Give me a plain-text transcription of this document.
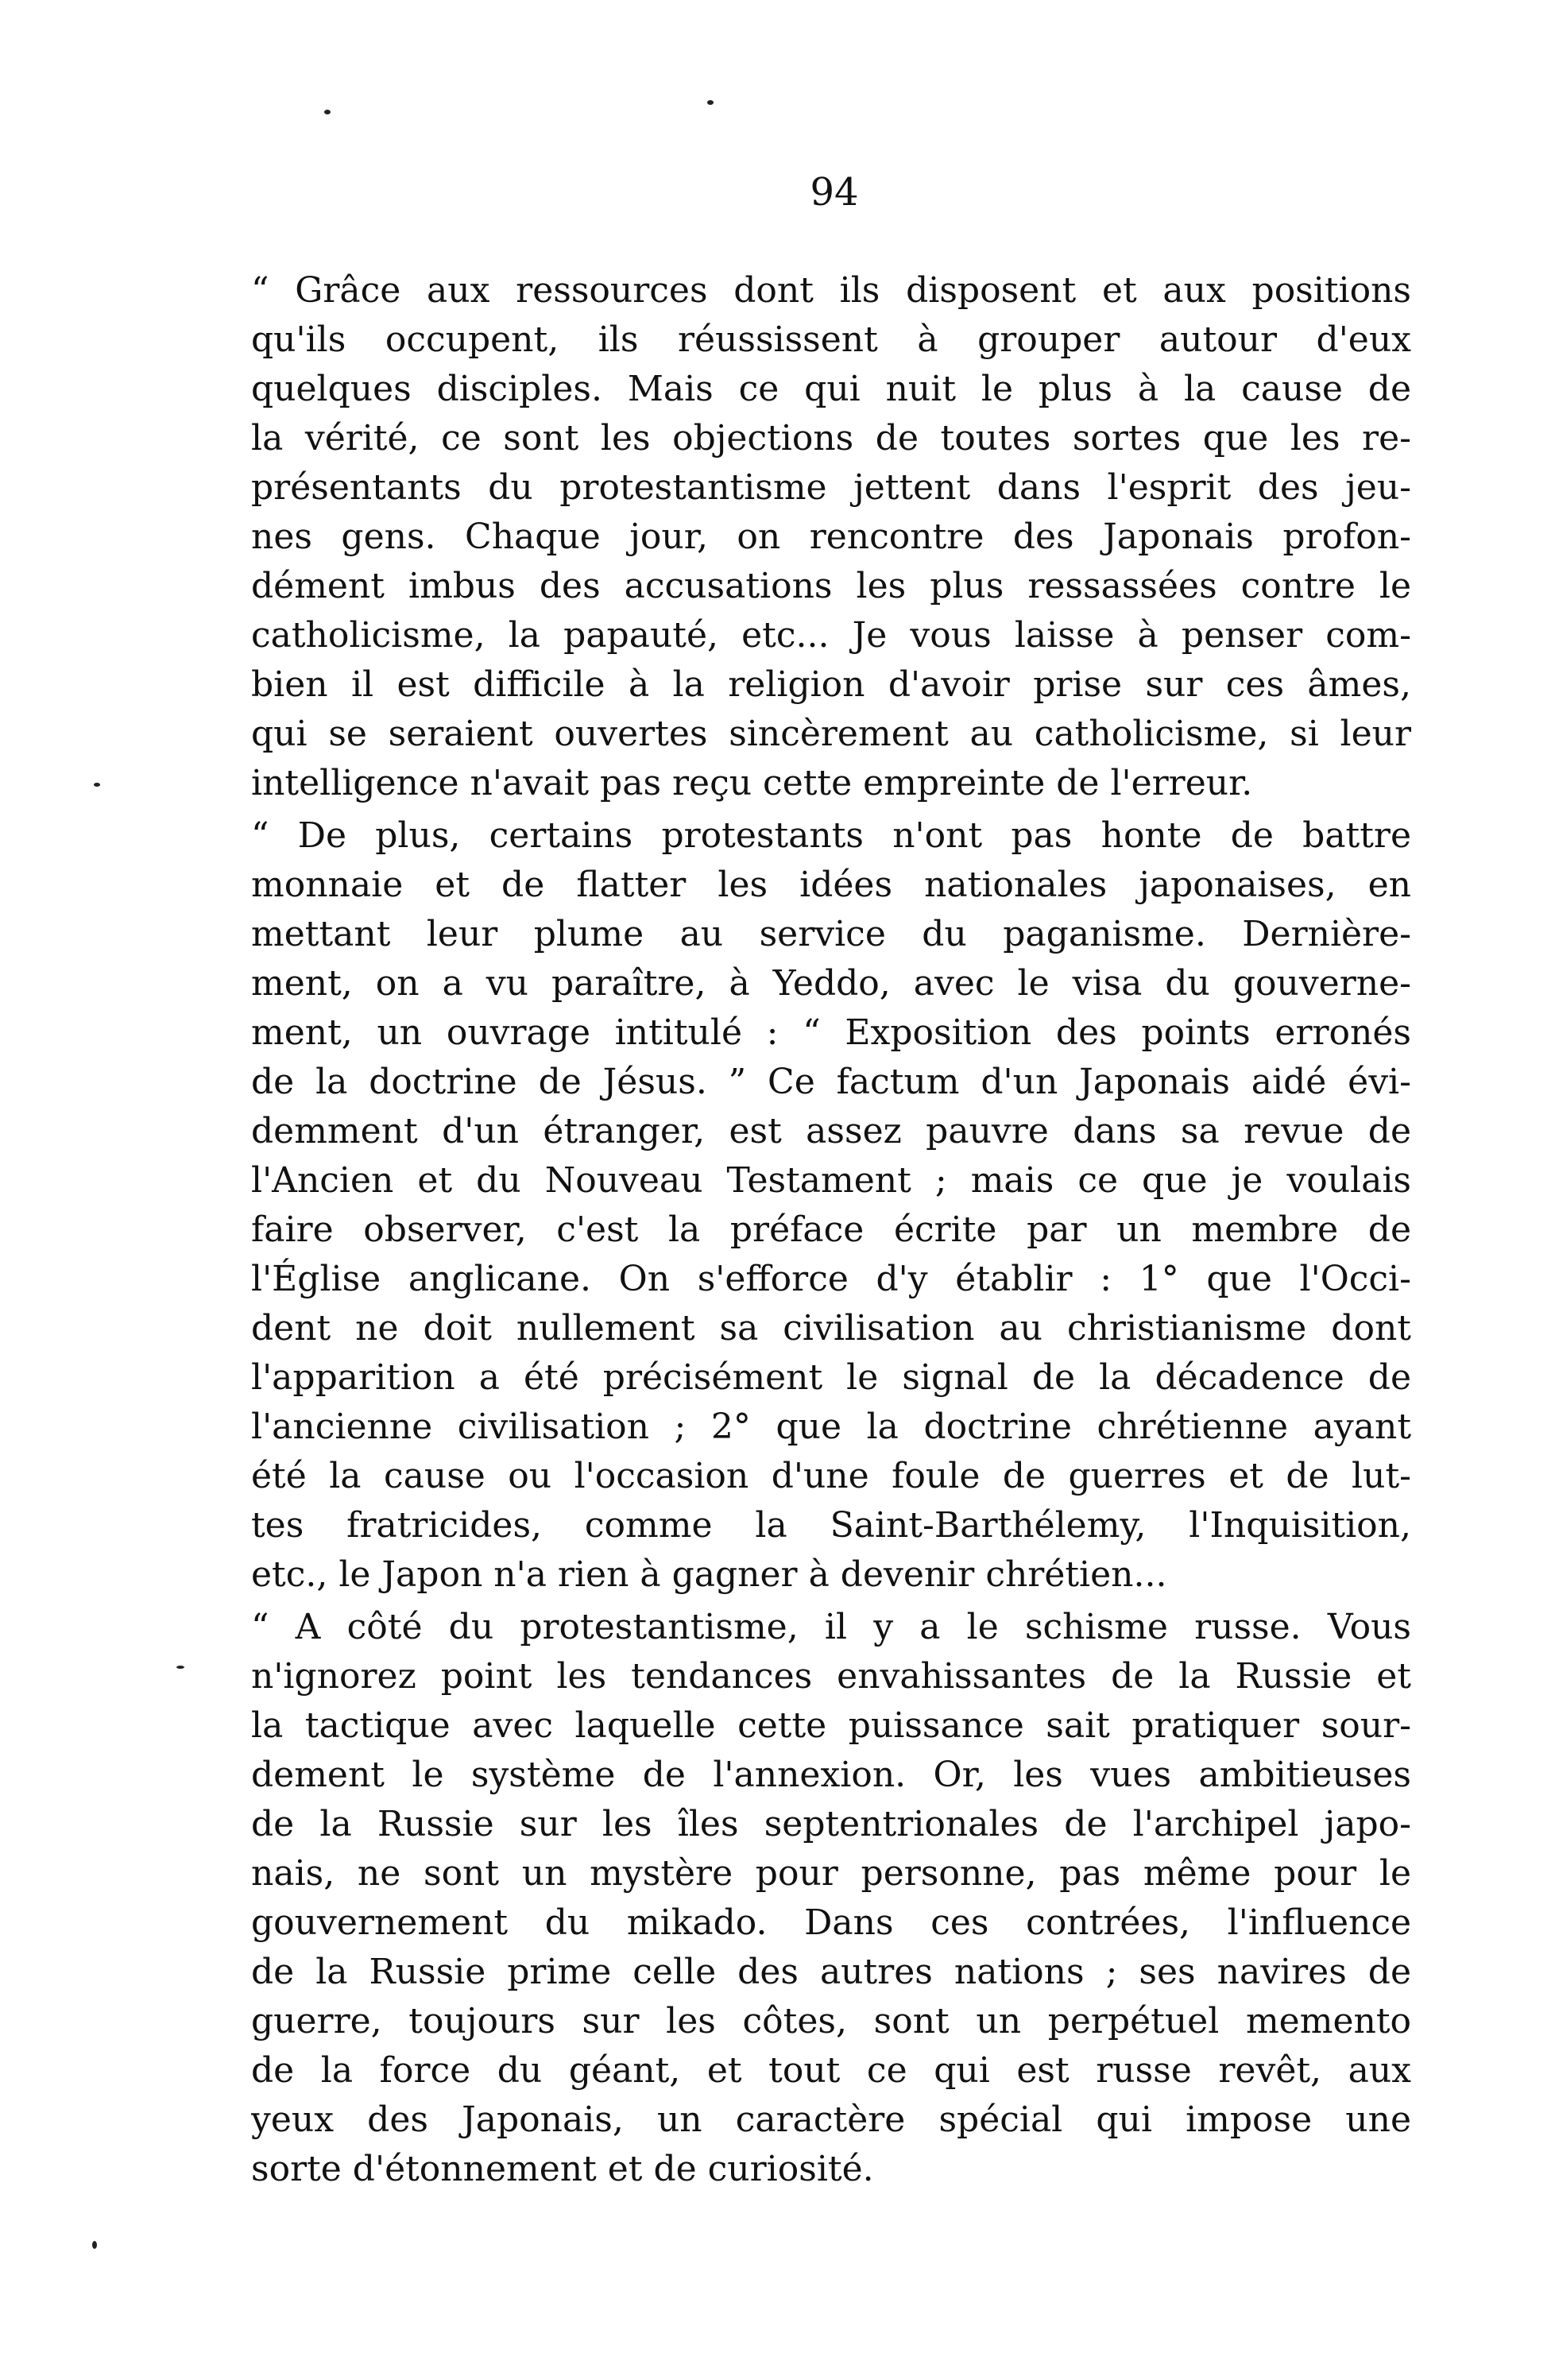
94
“ Grâce aux ressources dont ils disposent et aux positions
qu'ils occupent, ils réussissent à grouper autour d'eux
quelques disciples. Mais ce qui nuit le plus à la cause de
la vérité, ce sont les objections de toutes sortes que les re-
présentants du protestantisme jettent dans l'esprit des jeu-
nes gens. Chaque jour, on rencontre des Japonais profon-
dément imbus des accusations les plus ressassées contre le
catholicisme, la papauté, etc... Je vous laisse à penser com-
bien il est difficile à la religion d'avoir prise sur ces âmes,
qui se seraient ouvertes sincèrement au catholicisme, si leur
intelligence n'avait pas reçu cette empreinte de l'erreur.
“ De plus, certains protestants n'ont pas honte de battre
monnaie et de flatter les idées nationales japonaises, en
mettant leur plume au service du paganisme. Dernière-
ment, on a vu paraître, à Yeddo, avec le visa du gouverne-
ment, un ouvrage intitulé : “ Exposition des points erronés
de la doctrine de Jésus. ” Ce factum d'un Japonais aidé évi-
demment d'un étranger, est assez pauvre dans sa revue de
l'Ancien et du Nouveau Testament ; mais ce que je voulais
faire observer, c'est la préface écrite par un membre de
l'Église anglicane. On s'efforce d'y établir : 1° que l'Occi-
dent ne doit nullement sa civilisation au christianisme dont
l'apparition a été précisément le signal de la décadence de
l'ancienne civilisation ; 2° que la doctrine chrétienne ayant
été la cause ou l'occasion d'une foule de guerres et de lut-
tes fratricides, comme la Saint-Barthélemy, l'Inquisition,
etc., le Japon n'a rien à gagner à devenir chrétien...
“ A côté du protestantisme, il y a le schisme russe. Vous
n'ignorez point les tendances envahissantes de la Russie et
la tactique avec laquelle cette puissance sait pratiquer sour-
dement le système de l'annexion. Or, les vues ambitieuses
de la Russie sur les îles septentrionales de l'archipel japo-
nais, ne sont un mystère pour personne, pas même pour le
gouvernement du mikado. Dans ces contrées, l'influence
de la Russie prime celle des autres nations ; ses navires de
guerre, toujours sur les côtes, sont un perpétuel memento
de la force du géant, et tout ce qui est russe revêt, aux
yeux des Japonais, un caractère spécial qui impose une
sorte d'étonnement et de curiosité.
